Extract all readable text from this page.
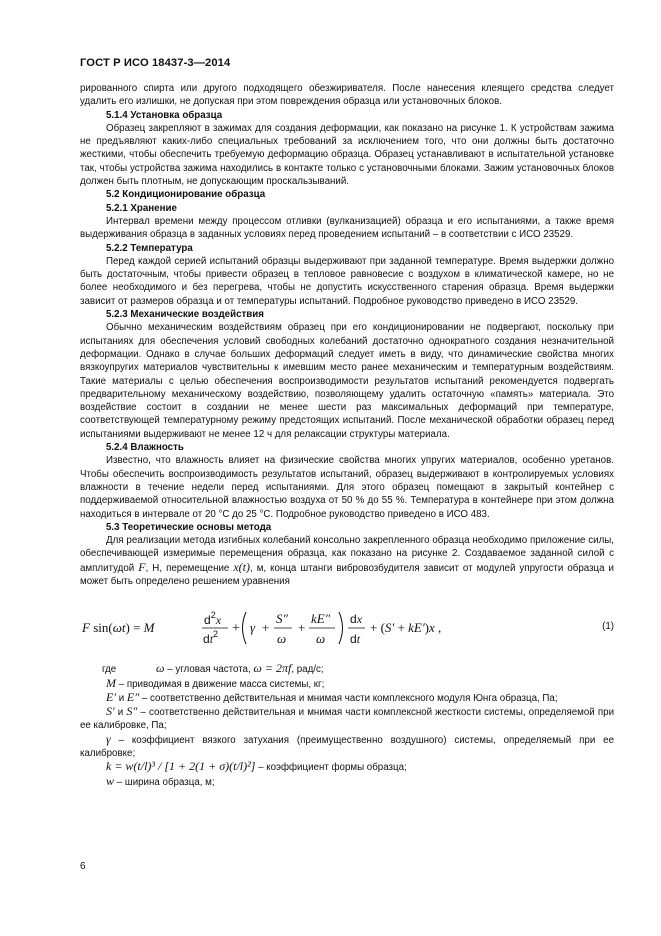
ГОСТ Р ИСО 18437-3—2014

рированного спирта или другого подходящего обезжиривателя. После нанесения клеящего средства следует удалить его излишки, не допуская при этом повреждения образца или установочных блоков.

5.1.4 Установка образца

Образец закрепляют в зажимах для создания деформации, как показано на рисунке 1. К устройствам зажима не предъявляют каких-либо специальных требований за исключением того, что они должны быть достаточно жесткими, чтобы обеспечить требуемую деформацию образца. Образец устанавливают в испытательной установке так, чтобы устройства зажима находились в контакте только с установочными блоками. Зажим установочных блоков должен быть плотным, не допускающим проскальзываний.

5.2 Кондиционирование образца

5.2.1 Хранение

Интервал времени между процессом отливки (вулканизацией) образца и его испытаниями, а также время выдерживания образца в заданных условиях перед проведением испытаний – в соответствии с ИСО 23529.

5.2.2 Температура

Перед каждой серией испытаний образцы выдерживают при заданной температуре. Время выдержки должно быть достаточным, чтобы привести образец в тепловое равновесие с воздухом в климатической камере, но не более необходимого и без перегрева, чтобы не допустить искусственного старения образца. Время выдержки зависит от размеров образца и от температуры испытаний. Подробное руководство приведено в ИСО 23529.

5.2.3 Механические воздействия

Обычно механическим воздействиям образец при его кондиционировании не подвергают, поскольку при испытаниях для обеспечения условий свободных колебаний достаточно однократного создания незначительной деформации. Однако в случае больших деформаций следует иметь в виду, что динамические свойства многих вязкоупругих материалов чувствительны к имевшим место ранее механическим и температурным воздействиям. Такие материалы с целью обеспечения воспроизводимости результатов испытаний рекомендуется подвергать предварительному механическому воздействию, позволяющему удалить остаточную «память» материала. Это воздействие состоит в создании не менее шести раз максимальных деформаций при температуре, соответствующей температурному режиму предстоящих испытаний. После механической обработки образец перед испытаниями выдерживают не менее 12 ч для релаксации структуры материала.

5.2.4 Влажность

Известно, что влажность влияет на физические свойства многих упругих материалов, особенно уретанов. Чтобы обеспечить воспроизводимость результатов испытаний, образец выдерживают в контролируемых условиях влажности в течение недели перед испытаниями. Для этого образец помещают в закрытый контейнер с поддерживаемой относительной влажностью воздуха от 50 % до 55 %. Температура в контейнере при этом должна находиться в интервале от 20 °С до 25 °С. Подробное руководство приведено в ИСО 483.

5.3 Теоретические основы метода

Для реализации метода изгибных колебаний консольно закрепленного образца необходимо приложение силы, обеспечивающей измеримые перемещения образца, как показано на рисунке 2. Создаваемое заданной силой с амплитудой F, Н, перемещение x(t), м, конца штанги вибровозбудителя зависит от модулей упругости образца и может быть определено решением уравнения

F sin(ωt) = M	$d^2x$
$dt^2 + \gamma$ +
S″
ω
+
kE″
ω
dx
dt
+ (S′ + kE′)x ,	(1)

где	ω – угловая частота, ω = 2πf, рад/с;

M – приводимая в движение масса системы, кг;

E′ и E″ – соответственно действительная и мнимая части комплексного модуля Юнга образца, Па;

S′ и S″ – соответственно действительная и мнимая части комплексной жесткости системы, определяемой при ее калибровке, Па;

γ – коэффициент вязкого затухания (преимущественно воздушного) системы, определяемый при ее калибровке;

k = w(t/l)³ / [1 + 2(1 + σ)(t/l)²] – коэффициент формы образца;

w – ширина образца, м;

6
